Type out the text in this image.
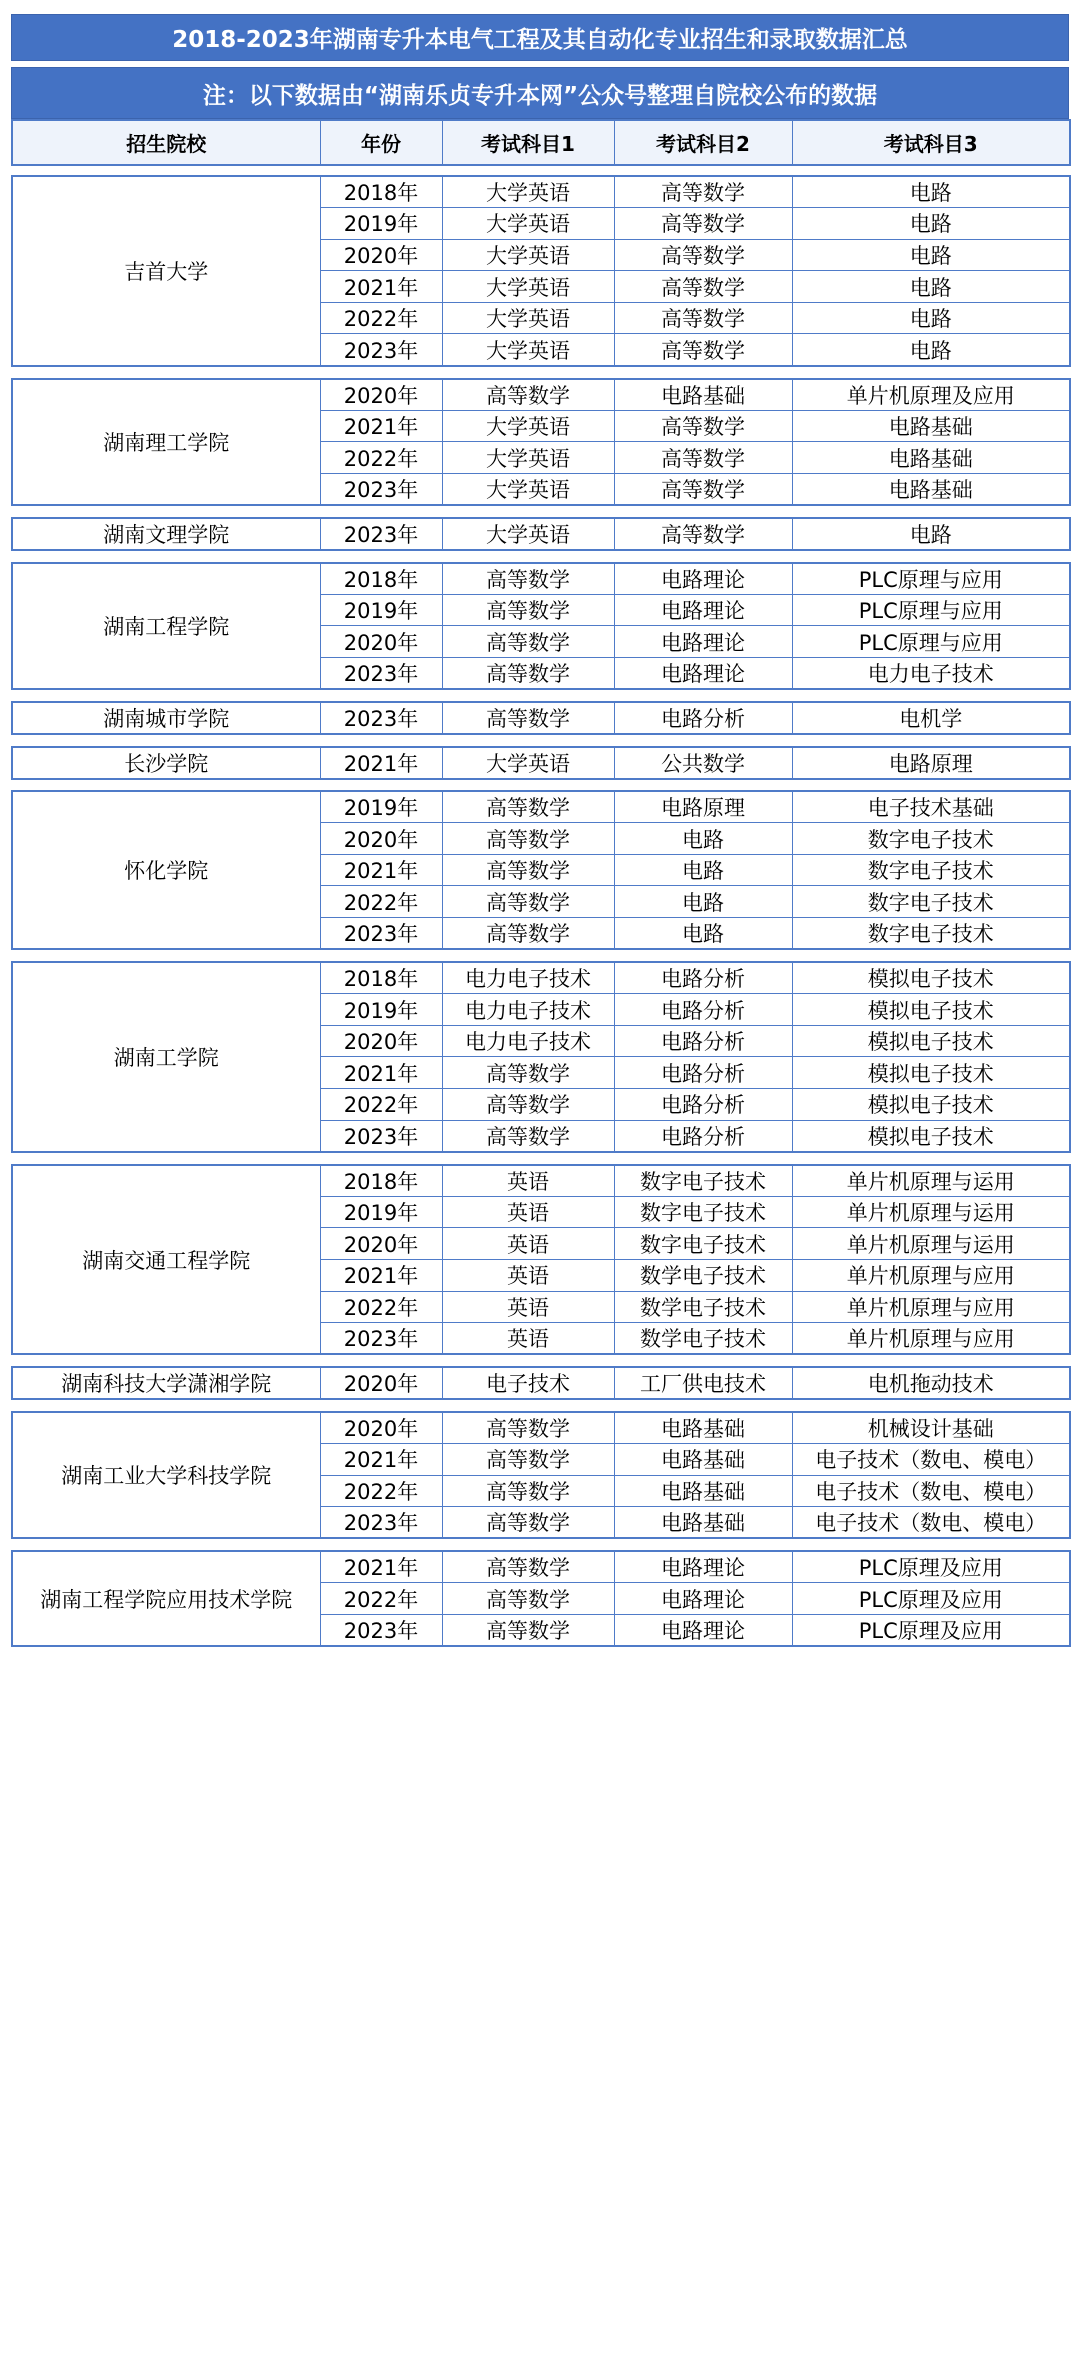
2018-2023年湖南专升本电气工程及其自动化专业招生和录取数据汇总
注：以下数据由“湖南乐贞专升本网”公众号整理自院校公布的数据
招生院校	年份	考试科目1	考试科目2	考试科目3
吉首大学	2018年	大学英语	高等数学	电路
	2019年	大学英语	高等数学	电路
	2020年	大学英语	高等数学	电路
	2021年	大学英语	高等数学	电路
	2022年	大学英语	高等数学	电路
	2023年	大学英语	高等数学	电路
湖南理工学院	2020年	高等数学	电路基础	单片机原理及应用
	2021年	大学英语	高等数学	电路基础
	2022年	大学英语	高等数学	电路基础
	2023年	大学英语	高等数学	电路基础
湖南文理学院	2023年	大学英语	高等数学	电路
湖南工程学院	2018年	高等数学	电路理论	PLC原理与应用
	2019年	高等数学	电路理论	PLC原理与应用
	2020年	高等数学	电路理论	PLC原理与应用
	2023年	高等数学	电路理论	电力电子技术
湖南城市学院	2023年	高等数学	电路分析	电机学
长沙学院	2021年	大学英语	公共数学	电路原理
怀化学院	2019年	高等数学	电路原理	电子技术基础
	2020年	高等数学	电路	数字电子技术
	2021年	高等数学	电路	数字电子技术
	2022年	高等数学	电路	数字电子技术
	2023年	高等数学	电路	数字电子技术
湖南工学院	2018年	电力电子技术	电路分析	模拟电子技术
	2019年	电力电子技术	电路分析	模拟电子技术
	2020年	电力电子技术	电路分析	模拟电子技术
	2021年	高等数学	电路分析	模拟电子技术
	2022年	高等数学	电路分析	模拟电子技术
	2023年	高等数学	电路分析	模拟电子技术
湖南交通工程学院	2018年	英语	数字电子技术	单片机原理与运用
	2019年	英语	数字电子技术	单片机原理与运用
	2020年	英语	数字电子技术	单片机原理与运用
	2021年	英语	数学电子技术	单片机原理与应用
	2022年	英语	数学电子技术	单片机原理与应用
	2023年	英语	数学电子技术	单片机原理与应用
湖南科技大学潇湘学院	2020年	电子技术	工厂供电技术	电机拖动技术
湖南工业大学科技学院	2020年	高等数学	电路基础	机械设计基础
	2021年	高等数学	电路基础	电子技术（数电、模电）
	2022年	高等数学	电路基础	电子技术（数电、模电）
	2023年	高等数学	电路基础	电子技术（数电、模电）
湖南工程学院应用技术学院	2021年	高等数学	电路理论	PLC原理及应用
	2022年	高等数学	电路理论	PLC原理及应用
	2023年	高等数学	电路理论	PLC原理及应用
